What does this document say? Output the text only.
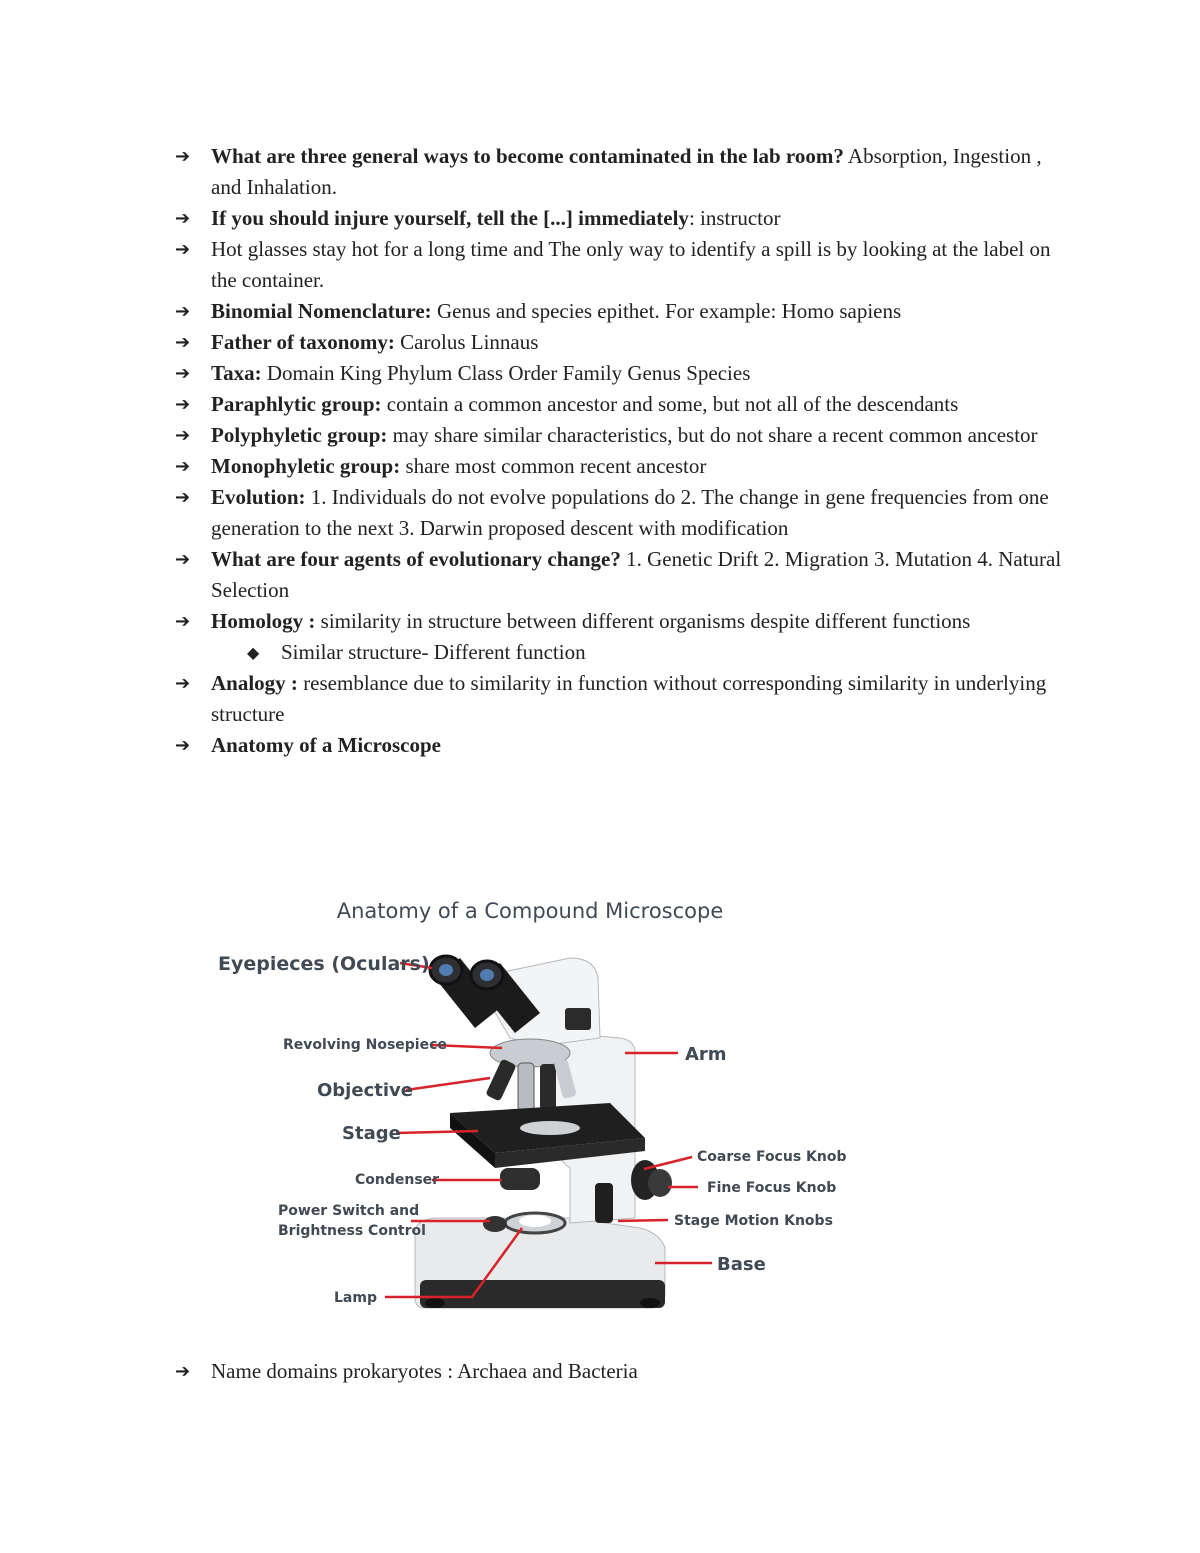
➔ What are three general ways to become contaminated in the lab room? Absorption, Ingestion , and Inhalation.
➔ If you should injure yourself, tell the [...] immediately: instructor
➔ Hot glasses stay hot for a long time and The only way to identify a spill is by looking at the label on the container.
➔ Binomial Nomenclature: Genus and species epithet. For example: Homo sapiens
➔ Father of taxonomy: Carolus Linnaus
➔ Taxa: Domain King Phylum Class Order Family Genus Species
➔ Paraphlytic group: contain a common ancestor and some, but not all of the descendants
➔ Polyphyletic group: may share similar characteristics, but do not share a recent common ancestor
➔ Monophyletic group: share most common recent ancestor
➔ Evolution: 1. Individuals do not evolve populations do 2. The change in gene frequencies from one generation to the next 3. Darwin proposed descent with modification
➔ What are four agents of evolutionary change? 1. Genetic Drift 2. Migration 3. Mutation 4. Natural Selection
➔ Homology : similarity in structure between different organisms despite different functions
◆ Similar structure- Different function
➔ Analogy : resemblance due to similarity in function without corresponding similarity in underlying structure
➔ Anatomy of a Microscope
Anatomy of a Compound Microscope
Eyepieces (Oculars)
Revolving Nosepiece
Objective
Stage
Condenser
Power Switch and
Brightness Control
Lamp
Arm
Coarse Focus Knob
Fine Focus Knob
Stage Motion Knobs
Base
➔ Name domains prokaryotes : Archaea and Bacteria
